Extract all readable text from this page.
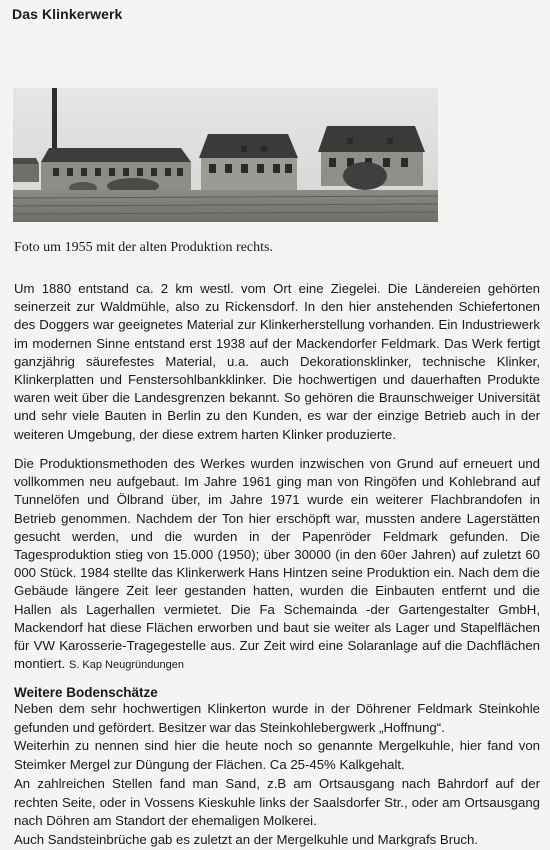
Das Klinkerwerk
Foto um 1955 mit der alten Produktion rechts.
Um 1880 entstand ca. 2 km westl. vom Ort eine Ziegelei. Die Ländereien gehörten seinerzeit zur Waldmühle, also zu Rickensdorf. In den hier anstehenden Schiefertonen des Doggers war geeignetes Material zur Klinkerherstellung vorhanden. Ein Industriewerk im modernen Sinne entstand erst 1938 auf der Mackendorfer Feldmark. Das Werk fertigt ganzjährig säurefestes Material, u.a. auch Dekorationsklinker, technische Klinker, Klinkerplatten und Fenstersohlbankklinker. Die hochwertigen und dauerhaften Produkte waren weit über die Landesgrenzen bekannt. So gehören die Braunschweiger Universität und sehr viele Bauten in Berlin zu den Kunden, es war der einzige Betrieb auch in der weiteren Umgebung, der diese extrem harten Klinker produzierte.
Die Produktionsmethoden des Werkes wurden inzwischen von Grund auf erneuert und vollkommen neu aufgebaut. Im Jahre 1961 ging man von Ringöfen und Kohlebrand auf Tunnelöfen und Ölbrand über, im Jahre 1971 wurde ein weiterer Flachbrandofen in Betrieb genommen. Nachdem der Ton hier erschöpft war, mussten andere Lagerstätten gesucht werden, und die wurden in der Papenröder Feldmark gefunden. Die Tagesproduktion stieg von 15.000 (1950); über 30000 (in den 60er Jahren) auf zuletzt 60 000 Stück. 1984 stellte das Klinkerwerk Hans Hintzen seine Produktion ein. Nach dem die Gebäude längere Zeit leer gestanden hatten, wurden die Einbauten entfernt und die Hallen als Lagerhallen vermietet. Die Fa Schemainda -der Gartengestalter GmbH, Mackendorf hat diese Flächen erworben und baut sie weiter als Lager und Stapelflächen für VW Karosserie-Tragegestelle aus. Zur Zeit wird eine Solaranlage auf die Dachflächen montiert. S. Kap Neugründungen
Weitere Bodenschätze
Neben dem sehr hochwertigen Klinkerton wurde in der Döhrener Feldmark Steinkohle gefunden und gefördert. Besitzer war das Steinkohlebergwerk „Hoffnung“.
Weiterhin zu nennen sind hier die heute noch so genannte Mergelkuhle, hier fand von Steimker Mergel zur Düngung der Flächen. Ca 25-45% Kalkgehalt.
An zahlreichen Stellen fand man Sand, z.B am Ortsausgang nach Bahrdorf auf der rechten Seite, oder in Vossens Kieskuhle links der Saalsdorfer Str., oder am Ortsausgang nach Döhren am Standort der ehemaligen Molkerei.
Auch Sandsteinbrüche gab es zuletzt an der Mergelkuhle und Markgrafs Bruch.
